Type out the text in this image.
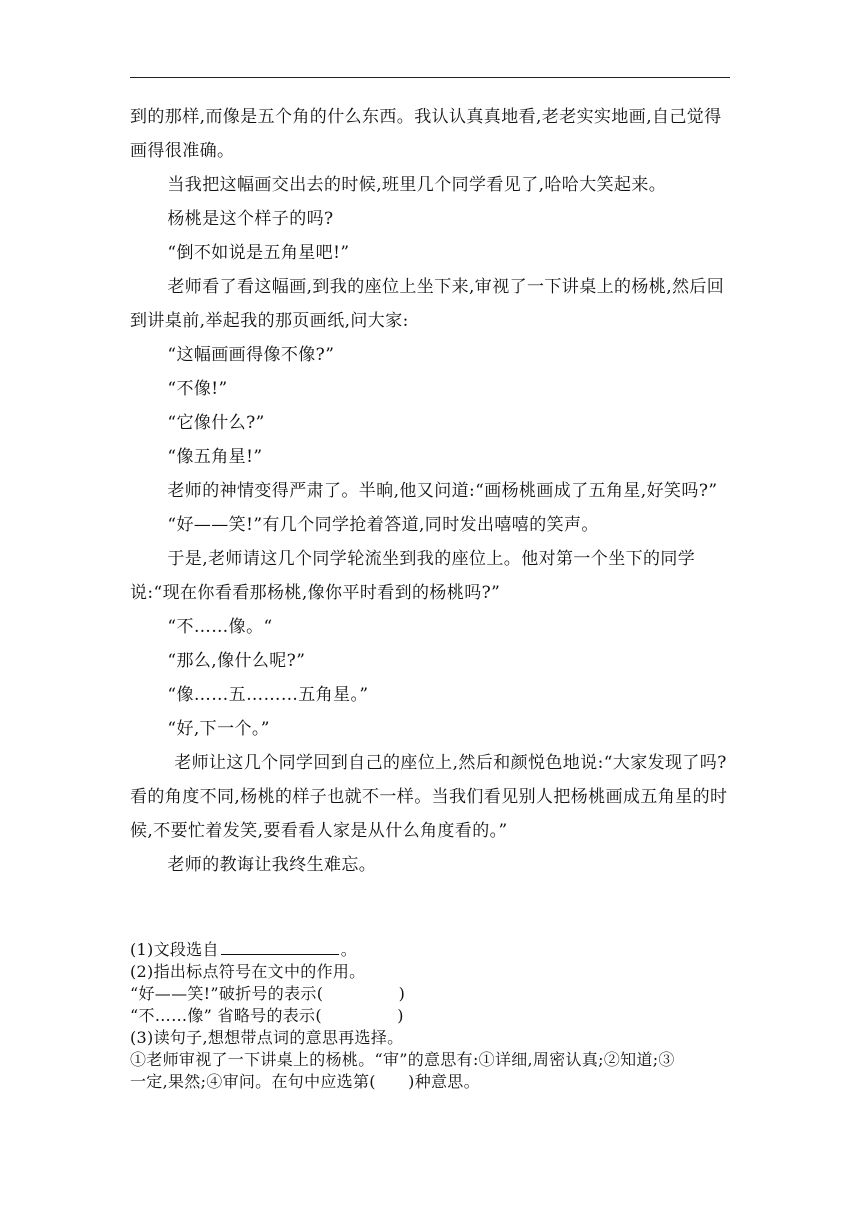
到的那样,而像是五个角的什么东西。我认认真真地看,老老实实地画,自己觉得画得很准确。

当我把这幅画交出去的时候,班里几个同学看见了,哈哈大笑起来。

杨桃是这个样子的吗?

“倒不如说是五角星吧!”

老师看了看这幅画,到我的座位上坐下来,审视了一下讲桌上的杨桃,然后回到讲桌前,举起我的那页画纸,问大家:

“这幅画画得像不像?”

“不像!”

“它像什么?”

“像五角星!”

老师的神情变得严肃了。半晌,他又问道:“画杨桃画成了五角星,好笑吗?”

“好——笑!”有几个同学抢着答道,同时发出嘻嘻的笑声。

于是,老师请这几个同学轮流坐到我的座位上。他对第一个坐下的同学说:“现在你看看那杨桃,像你平时看到的杨桃吗?”

“不……像。“

“那么,像什么呢?”

“像……五………五角星。”

“好,下一个。”

老师让这几个同学回到自己的座位上,然后和颜悦色地说:“大家发现了吗?看的角度不同,杨桃的样子也就不一样。当我们看见别人把杨桃画成五角星的时候,不要忙着发笑,要看看人家是从什么角度看的。”

老师的教诲让我终生难忘。

(1)文段选自	。

(2)指出标点符号在文中的作用。

“好——笑!”破折号的表示(	)

“不……像” 省略号的表示(	)

(3)读句子,想想带点词的意思再选择。

①老师审视了一下讲桌上的杨桃。“审”的意思有:①详细,周密认真;②知道;③

一定,果然;④审问。在句中应选第( )种意思。
